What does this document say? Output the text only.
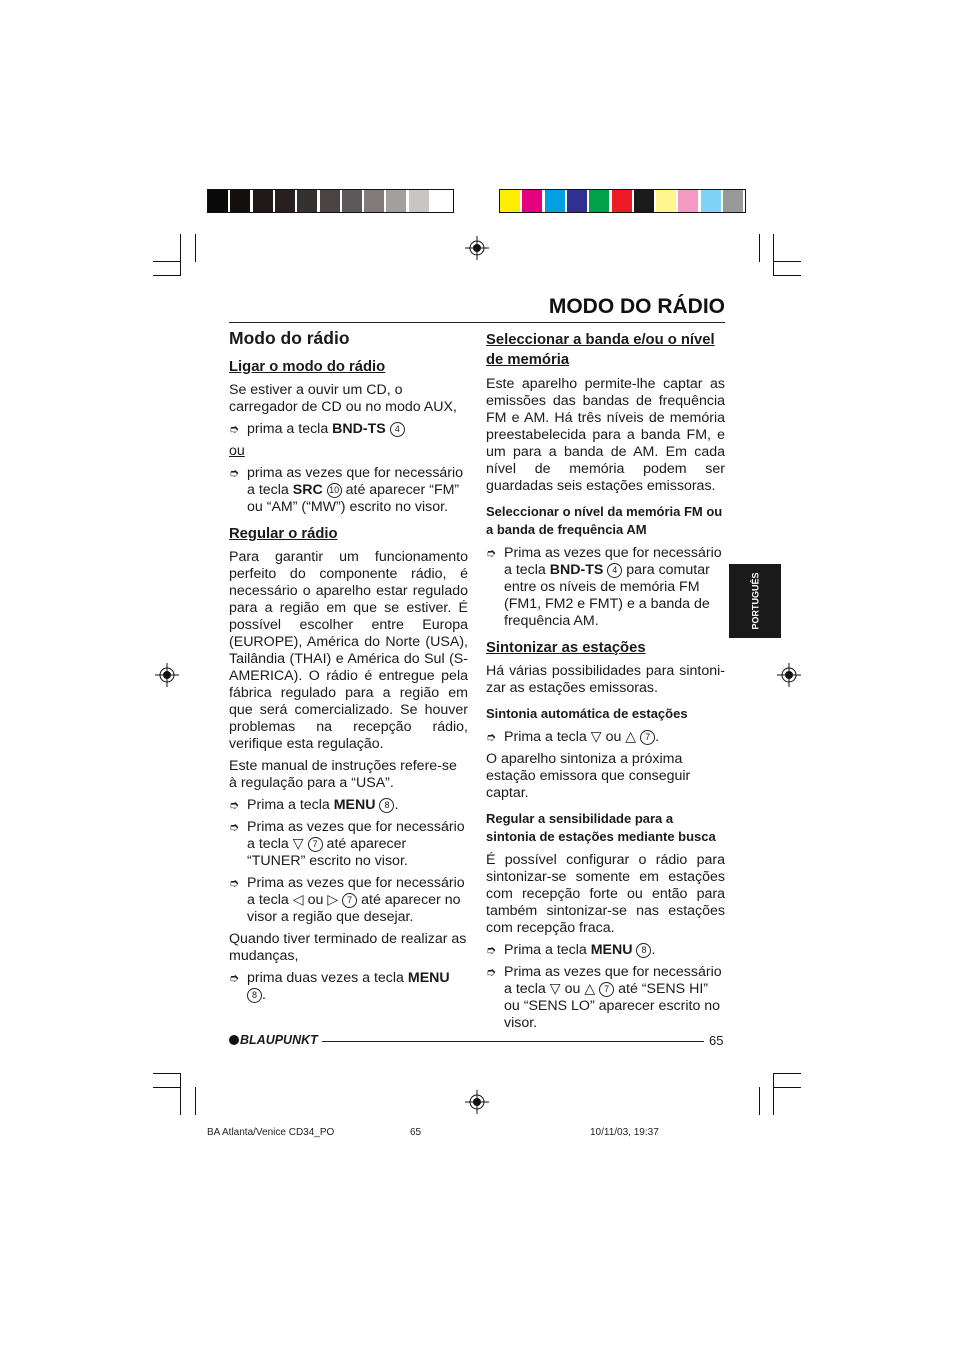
MODO DO RÁDIO
Modo do rádio
Ligar o modo do rádio

Se estiver a ouvir um CD, o carregador de CD ou no modo AUX,

➮ prima a tecla BND-TS 4

ou

➮ prima as vezes que for necessário a tecla SRC 10 até aparecer “FM” ou “AM” (“MW”) escrito no visor.
Regular o rádio

Para garantir um funcionamento perfeito do componente rádio, é necessário o aparelho estar regulado para a região em que se estiver. É possível escolher entre Europa (EUROPE), América do Norte (USA), Tailândia (THAI) e América do Sul (S-AMERICA). O rádio é entregue pela fábrica regulado para a região em que será comercializado. Se houver problemas na recepção rádio, verifique esta regulação.

Este manual de instruções refere-se à regulação para a “USA”.

➮ Prima a tecla MENU 8 .
➮ Prima as vezes que for necessário a tecla ▽ 7 até aparecer “TUNER” escrito no visor.
➮ Prima as vezes que for necessário a tecla ◁ ou ▷ 7 até aparecer no visor a região que desejar.

Quando tiver terminado de realizar as mudanças,

➮ prima duas vezes a tecla MENU 8 .
Seleccionar a banda e/ou o nível de memória

Este aparelho permite-lhe captar as emissões das bandas de frequência FM e AM. Há três níveis de memória preestabelecida para a banda FM, e um para a banda de AM. Em cada nível de memória podem ser guardadas seis estações emissoras.

Seleccionar o nível da memória FM ou a banda de frequência AM
➮ Prima as vezes que for necessário a tecla BND-TS 4 para comutar entre os níveis de memória FM (FM1, FM2 e FMT) e a banda de frequência AM.
Sintonizar as estações

Há várias possibilidades para sintoni-zar as estações emissoras.

Sintonia automática de estações
➮ Prima a tecla ▽ ou △ 7 .

O aparelho sintoniza a próxima estação emissora que conseguir captar.

Regular a sensibilidade para a sintonia de estações mediante busca

É possível configurar o rádio para sintonizar-se somente em estações com recepção forte ou então para também sintonizar-se nas estações com recepção fraca.

➮ Prima a tecla MENU 8 .
➮ Prima as vezes que for necessário a tecla ▽ ou △ 7 até “SENS HI” ou “SENS LO” aparecer escrito no visor.
PORTUGUÊS
BLAUPUNKT	65
BA Atlanta/Venice CD34_PO	65	10/11/03, 19:37
